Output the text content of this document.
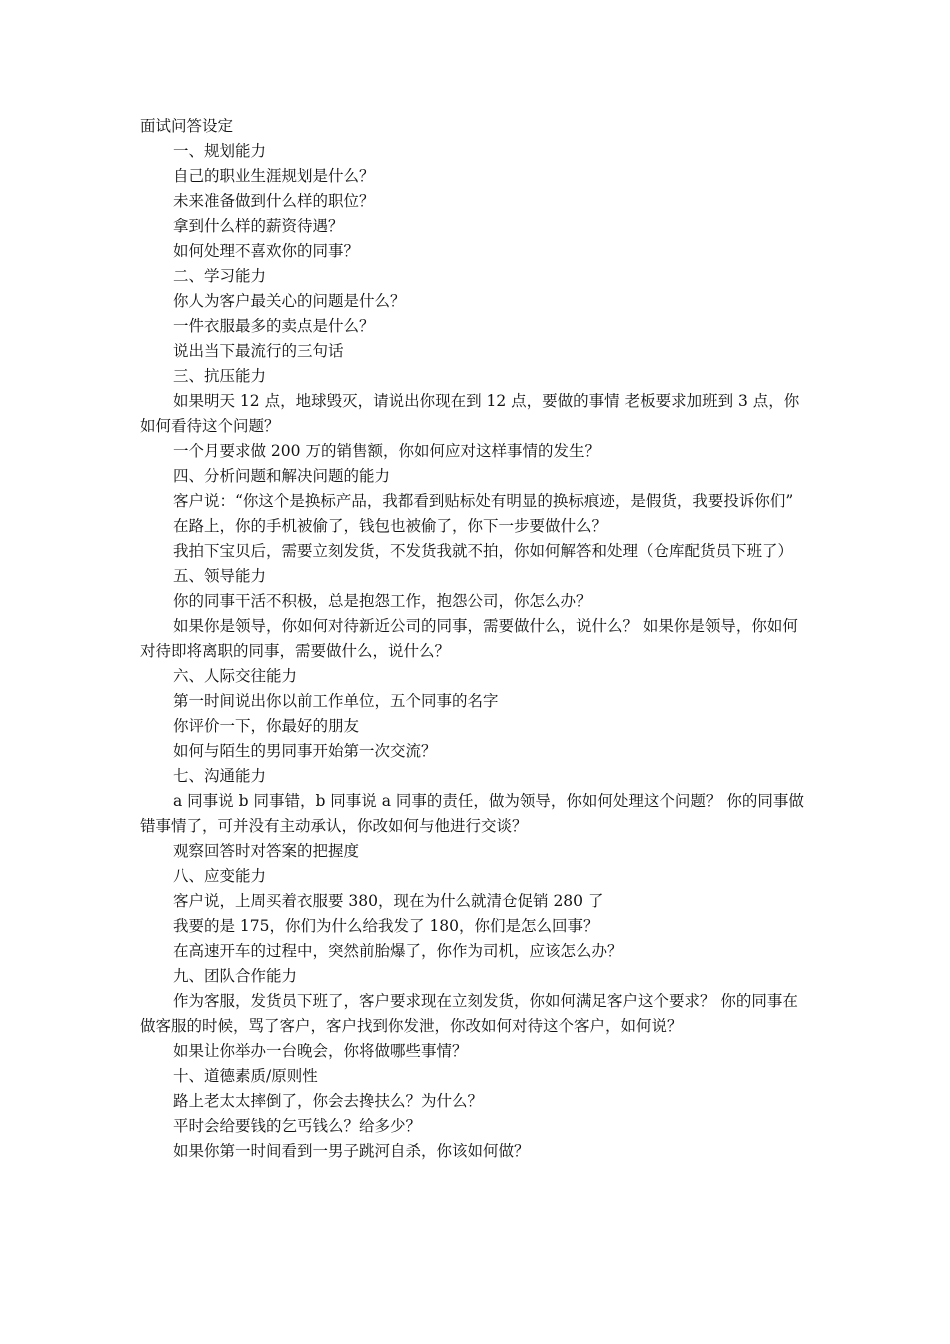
面试问答设定

一、规划能力

自己的职业生涯规划是什么？

未来准备做到什么样的职位？

拿到什么样的薪资待遇？

如何处理不喜欢你的同事？

二、学习能力

你人为客户最关心的问题是什么？

一件衣服最多的卖点是什么？

说出当下最流行的三句话

三、抗压能力

如果明天 12 点，地球毁灭，请说出你现在到 12 点，要做的事情 老板要求加班到 3 点，你如何看待这个问题？

一个月要求做 200 万的销售额，你如何应对这样事情的发生？

四、分析问题和解决问题的能力

客户说：“你这个是换标产品，我都看到贴标处有明显的换标痕迹，是假货，我要投诉你们”

在路上，你的手机被偷了，钱包也被偷了，你下一步要做什么？

我拍下宝贝后，需要立刻发货，不发货我就不拍，你如何解答和处理（仓库配货员下班了）

五、领导能力

你的同事干活不积极，总是抱怨工作，抱怨公司，你怎么办？

如果你是领导，你如何对待新近公司的同事，需要做什么，说什么？ 如果你是领导，你如何对待即将离职的同事，需要做什么，说什么？

六、人际交往能力

第一时间说出你以前工作单位，五个同事的名字

你评价一下，你最好的朋友

如何与陌生的男同事开始第一次交流？

七、沟通能力

a 同事说 b 同事错，b 同事说 a 同事的责任，做为领导，你如何处理这个问题？ 你的同事做错事情了，可并没有主动承认，你改如何与他进行交谈？

观察回答时对答案的把握度

八、应变能力

客户说，上周买着衣服要 380，现在为什么就清仓促销 280 了

我要的是 175，你们为什么给我发了 180，你们是怎么回事？

在高速开车的过程中，突然前胎爆了，你作为司机，应该怎么办？

九、团队合作能力

作为客服，发货员下班了，客户要求现在立刻发货，你如何满足客户这个要求？ 你的同事在做客服的时候，骂了客户，客户找到你发泄，你改如何对待这个客户，如何说？

如果让你举办一台晚会，你将做哪些事情？

十、道德素质/原则性

路上老太太摔倒了，你会去搀扶么？为什么？

平时会给要钱的乞丐钱么？给多少？

如果你第一时间看到一男子跳河自杀，你该如何做？
